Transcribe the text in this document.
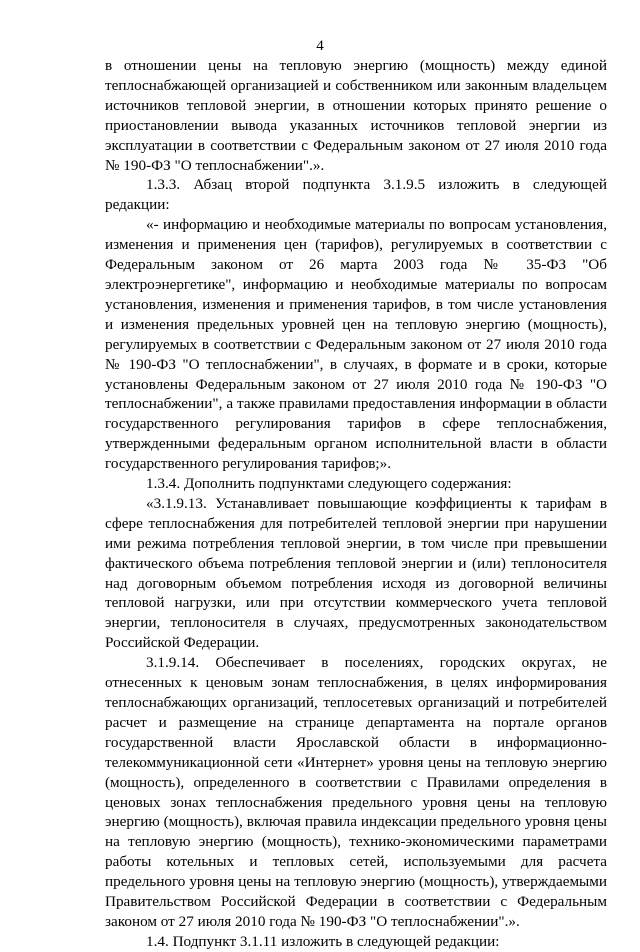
4

в отношении цены на тепловую энергию (мощность) между единой теплоснабжающей организацией и собственником или законным владельцем источников тепловой энергии, в отношении которых принято решение о приостановлении вывода указанных источников тепловой энергии из эксплуатации в соответствии с Федеральным законом от 27 июля 2010 года № 190-ФЗ "О теплоснабжении".».

1.3.3. Абзац второй подпункта 3.1.9.5 изложить в следующей редакции:

«- информацию и необходимые материалы по вопросам установления, изменения и применения цен (тарифов), регулируемых в соответствии с Федеральным законом от 26 марта 2003 года № 35-ФЗ "Об электроэнергетике", информацию и необходимые материалы по вопросам установления, изменения и применения тарифов, в том числе установления и изменения предельных уровней цен на тепловую энергию (мощность), регулируемых в соответствии с Федеральным законом от 27 июля 2010 года № 190-ФЗ "О теплоснабжении", в случаях, в формате и в сроки, которые установлены Федеральным законом от 27 июля 2010 года № 190-ФЗ "О теплоснабжении", а также правилами предоставления информации в области государственного регулирования тарифов в сфере теплоснабжения, утвержденными федеральным органом исполнительной власти в области государственного регулирования тарифов;».

1.3.4. Дополнить подпунктами следующего содержания:

«3.1.9.13. Устанавливает повышающие коэффициенты к тарифам в сфере теплоснабжения для потребителей тепловой энергии при нарушении ими режима потребления тепловой энергии, в том числе при превышении фактического объема потребления тепловой энергии и (или) теплоносителя над договорным объемом потребления исходя из договорной величины тепловой нагрузки, или при отсутствии коммерческого учета тепловой энергии, теплоносителя в случаях, предусмотренных законодательством Российской Федерации.

3.1.9.14. Обеспечивает в поселениях, городских округах, не отнесенных к ценовым зонам теплоснабжения, в целях информирования теплоснабжающих организаций, теплосетевых организаций и потребителей расчет и размещение на странице департамента на портале органов государственной власти Ярославской области в информационно-телекоммуникационной сети «Интернет» уровня цены на тепловую энергию (мощность), определенного в соответствии с Правилами определения в ценовых зонах теплоснабжения предельного уровня цены на тепловую энергию (мощность), включая правила индексации предельного уровня цены на тепловую энергию (мощность), технико-экономическими параметрами работы котельных и тепловых сетей, используемыми для расчета предельного уровня цены на тепловую энергию (мощность), утверждаемыми Правительством Российской Федерации в соответствии с Федеральным законом от 27 июля 2010 года № 190-ФЗ "О теплоснабжении".».

1.4. Подпункт 3.1.11 изложить в следующей редакции:
